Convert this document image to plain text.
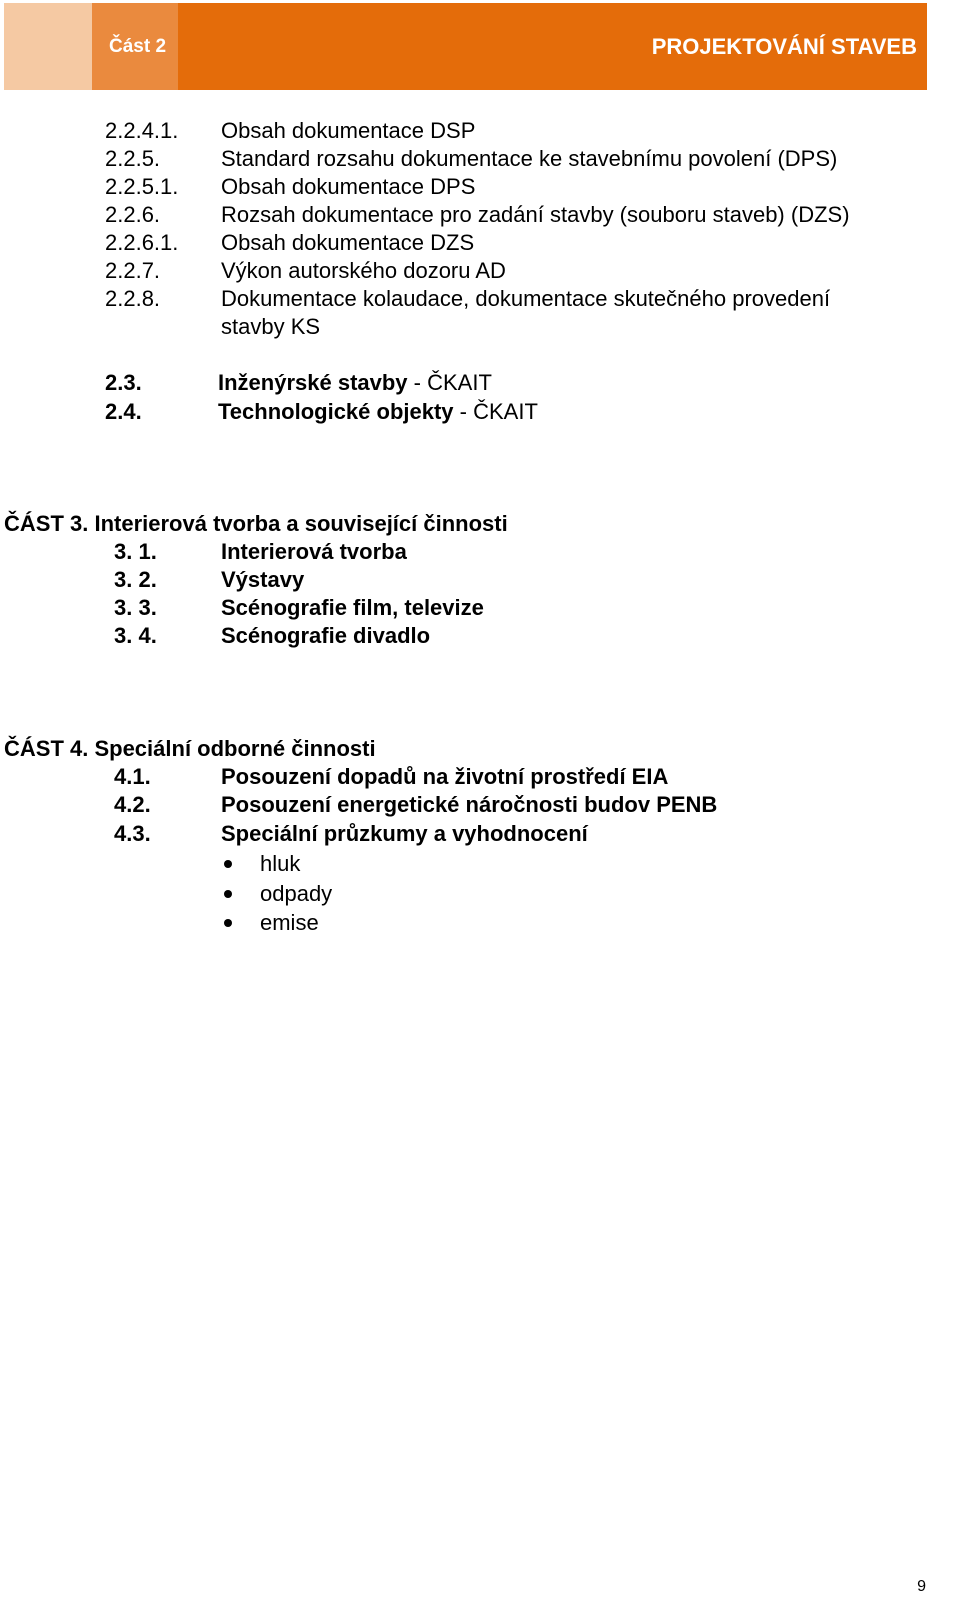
Část 2	PROJEKTOVÁNÍ STAVEB
2.2.4.1. Obsah dokumentace DSP
2.2.5.	Standard rozsahu dokumentace ke stavebnímu povolení (DPS)
2.2.5.1. Obsah dokumentace DPS
2.2.6.	Rozsah dokumentace pro zadání stavby (souboru staveb) (DZS)
2.2.6.1. Obsah dokumentace DZS
2.2.7.	Výkon autorského dozoru AD
2.2.8.	Dokumentace kolaudace, dokumentace skutečného provedení
stavby KS
2.3.	Inženýrské stavby - ČKAIT
2.4.	Technologické objekty - ČKAIT
ČÁST 3. Interierová tvorba a související činnosti
3. 1.	Interierová tvorba
3. 2.	Výstavy
3. 3.	Scénografie film, televize
3. 4.	Scénografie divadlo
ČÁST 4. Speciální odborné činnosti
4.1.	Posouzení dopadů na životní prostředí EIA
4.2.	Posouzení energetické náročnosti budov PENB
4.3.	Speciální průzkumy a vyhodnocení
hluk
odpady
emise
9
